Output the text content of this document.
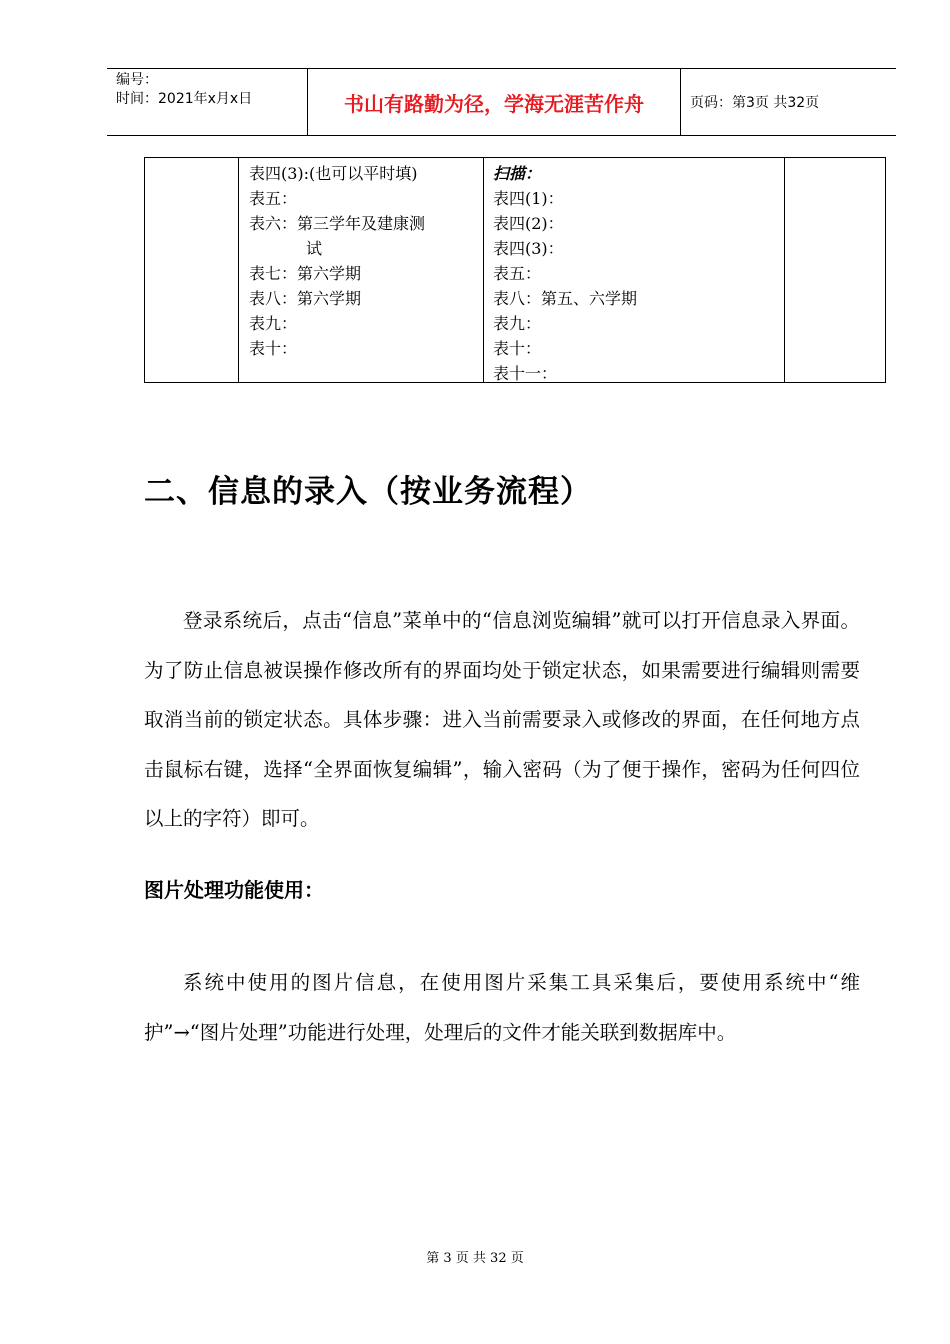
编号：
时间：2021年x月x日	书山有路勤为径，学海无涯苦作舟	页码：第3页 共32页
表四(3):(也可以平时填)
表五：
表六：第三学年及建康测
试
表七：第六学期
表八：第六学期
表九：
表十：
扫描：
表四(1)：
表四(2)：
表四(3)：
表五：
表八：第五、六学期
表九：
表十：
表十一：
二、信息的录入（按业务流程）

登录系统后，点击“信息”菜单中的“信息浏览编辑”就可以打开信息录入界面。为了防止信息被误操作修改所有的界面均处于锁定状态，如果需要进行编辑则需要取消当前的锁定状态。具体步骤：进入当前需要录入或修改的界面，在任何地方点击鼠标右键，选择“全界面恢复编辑”，输入密码（为了便于操作，密码为任何四位以上的字符）即可。

图片处理功能使用：

系统中使用的图片信息，在使用图片采集工具采集后，要使用系统中“维护”→“图片处理”功能进行处理，处理后的文件才能关联到数据库中。

第 3 页 共 32 页
